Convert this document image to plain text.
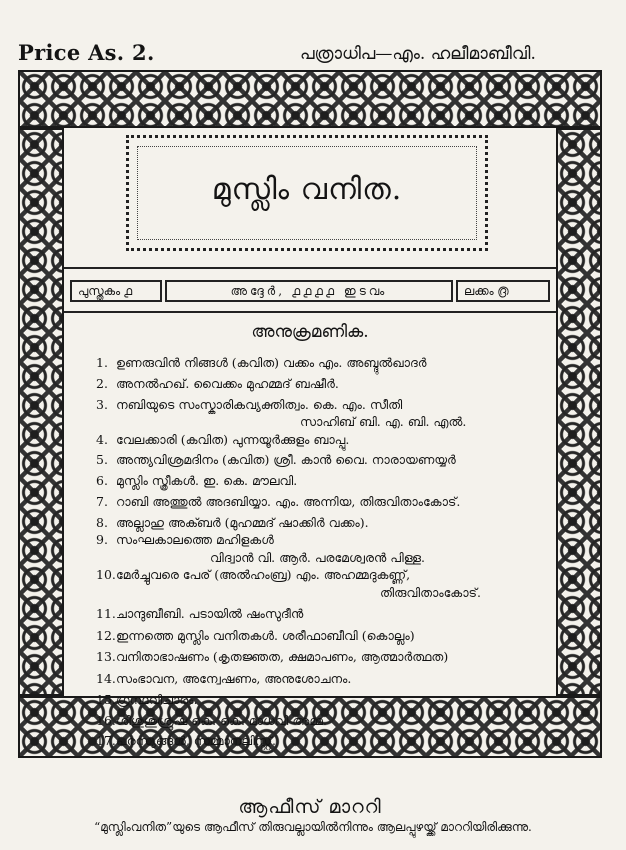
Price As. 2.	പത്രാധിപ—എം. ഹലീമാബീവി.
മുസ്ലിം വനിത.
പുസ്തകം ൧	അദ്ദേർ, ൧൧൧൧ ഇടവം	ലക്കം ൫
അനുക്രമണിക.
1. ഉണരുവിൻ നിങ്ങൾ (കവിത) വക്കം എം. അബ്ദുൽഖാദർ
2. അനൽഹഖ്. വൈക്കം മുഹമ്മദ് ബഷീർ.
3. നബിയുടെ സംസ്കാരികവ്യക്തിത്വം. കെ. എം. സീതി
സാഹിബ് ബി. എ. ബി. എൽ.
4. വേലക്കാരി (കവിത) പുന്നയൂർക്കുളം ബാപ്പു.
5. അന്ത്യവിശ്രമദിനം (കവിത) ശ്രീ. കാൻ വൈ. നാരായണയ്യർ
6. മുസ്ലിം സ്ത്രീകൾ. ഇ. കെ. മൗലവി.
7. റാബി അത്തുൽ അദബിയ്യാ. എം. അന്നിയ, തിരുവിതാംകോട്.
8. അല്ലാഹു അക്ബർ (മുഹമ്മദ് ഷാക്കിർ വക്കം).
9. സംഘകാലത്തെ മഹിളകൾ
വിദ്വാൻ വി. ആർ. പരമേശ്വരൻ പിള്ള.
10.മേർച്ചുവരെ പേര് (അൽഹംബ്ര) എം. അഹമ്മദുകണ്ണ്,
തിരുവിതാംകോട്.
11.ചാന്ദുബീബി. പടായിൽ ഷംസുദീൻ
12.ഇന്നത്തെ മുസ്ലിം വനിതകൾ. ശരീഫാബീവി (കൊല്ലം)
13.വനിതാഭാഷണം (കൃതജ്ഞത, ക്ഷമാപണം, ആത്മാർത്ഥത)
14.സംഭാവന, അന്വേഷണം, അനുശോചനം.
15.ഗ്രന്ഥവിചാരം.
16.ശിശുശുശ്രൂഷ കെ. കെ. മാധവി അമ്മ.
17.പരസ്യങ്ങൾ, സമ്മാനലിസ്റ്റ്.
ആഫീസ് മാററി
“മുസ്ലിംവനിത”യുടെ ആഫീസ് തിരുവല്ലായിൽനിന്നും ആലപ്പുഴയ്ക്ക് മാററിയിരിക്കുന്നു.
